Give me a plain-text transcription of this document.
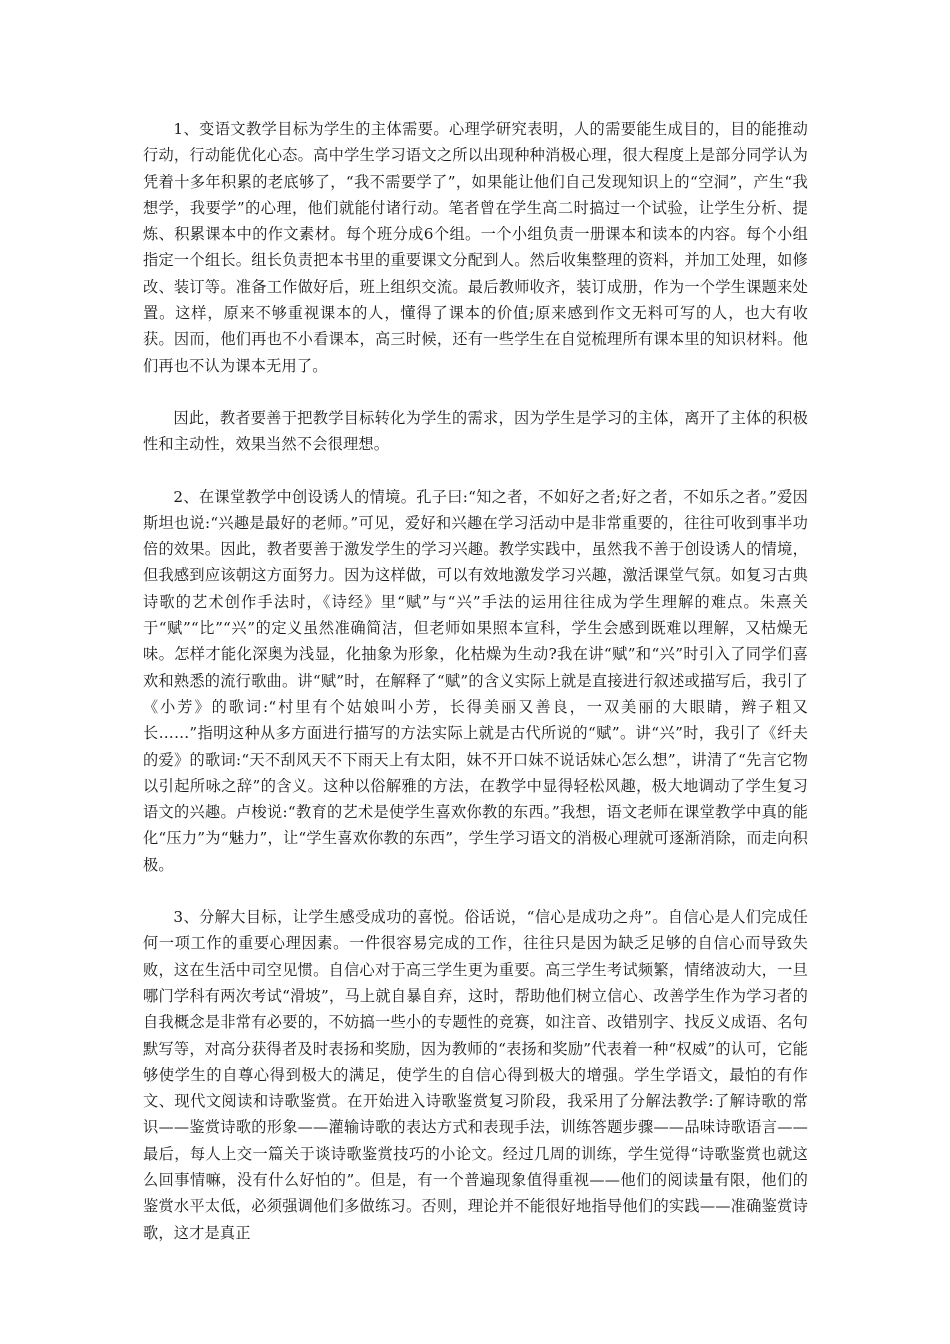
1、变语文教学目标为学生的主体需要。心理学研究表明，人的需要能生成目的，目的能推动行动，行动能优化心态。高中学生学习语文之所以出现种种消极心理，很大程度上是部分同学认为凭着十多年积累的老底够了，“我不需要学了”，如果能让他们自己发现知识上的“空洞”，产生“我想学，我要学”的心理，他们就能付诸行动。笔者曾在学生高二时搞过一个试验，让学生分析、提炼、积累课本中的作文素材。每个班分成6个组。一个小组负责一册课本和读本的内容。每个小组指定一个组长。组长负责把本书里的重要课文分配到人。然后收集整理的资料，并加工处理，如修改、装订等。准备工作做好后，班上组织交流。最后教师收齐，装订成册，作为一个学生课题来处置。这样，原来不够重视课本的人，懂得了课本的价值;原来感到作文无料可写的人，也大有收获。因而，他们再也不小看课本，高三时候，还有一些学生在自觉梳理所有课本里的知识材料。他们再也不认为课本无用了。

因此，教者要善于把教学目标转化为学生的需求，因为学生是学习的主体，离开了主体的积极性和主动性，效果当然不会很理想。

2、在课堂教学中创设诱人的情境。孔子曰:“知之者，不如好之者;好之者，不如乐之者。”爱因斯坦也说:“兴趣是最好的老师。”可见，爱好和兴趣在学习活动中是非常重要的，往往可收到事半功倍的效果。因此，教者要善于激发学生的学习兴趣。教学实践中，虽然我不善于创设诱人的情境，但我感到应该朝这方面努力。因为这样做，可以有效地激发学习兴趣，激活课堂气氛。如复习古典诗歌的艺术创作手法时，《诗经》里“赋”与“兴”手法的运用往往成为学生理解的难点。朱熹关于“赋”“比”“兴”的定义虽然准确简洁，但老师如果照本宣科，学生会感到既难以理解，又枯燥无味。怎样才能化深奥为浅显，化抽象为形象，化枯燥为生动?我在讲“赋”和“兴”时引入了同学们喜欢和熟悉的流行歌曲。讲“赋”时，在解释了“赋”的含义实际上就是直接进行叙述或描写后，我引了《小芳》的歌词:“村里有个姑娘叫小芳，长得美丽又善良，一双美丽的大眼睛，辫子粗又长……”指明这种从多方面进行描写的方法实际上就是古代所说的“赋”。讲“兴”时，我引了《纤夫的爱》的歌词:“天不刮风天不下雨天上有太阳，妹不开口妹不说话妹心怎么想”，讲清了“先言它物以引起所咏之辞”的含义。这种以俗解雅的方法，在教学中显得轻松风趣，极大地调动了学生复习语文的兴趣。卢梭说:“教育的艺术是使学生喜欢你教的东西。”我想，语文老师在课堂教学中真的能化“压力”为“魅力”，让“学生喜欢你教的东西”，学生学习语文的消极心理就可逐渐消除，而走向积极。

3、分解大目标，让学生感受成功的喜悦。俗话说，“信心是成功之舟”。自信心是人们完成任何一项工作的重要心理因素。一件很容易完成的工作，往往只是因为缺乏足够的自信心而导致失败，这在生活中司空见惯。自信心对于高三学生更为重要。高三学生考试频繁，情绪波动大，一旦哪门学科有两次考试“滑坡”，马上就自暴自弃，这时，帮助他们树立信心、改善学生作为学习者的自我概念是非常有必要的，不妨搞一些小的专题性的竞赛，如注音、改错别字、找反义成语、名句默写等，对高分获得者及时表扬和奖励，因为教师的“表扬和奖励”代表着一种“权威”的认可，它能够使学生的自尊心得到极大的满足，使学生的自信心得到极大的增强。学生学语文，最怕的有作文、现代文阅读和诗歌鉴赏。在开始进入诗歌鉴赏复习阶段，我采用了分解法教学:了解诗歌的常识——鉴赏诗歌的形象——灌输诗歌的表达方式和表现手法，训练答题步骤——品味诗歌语言——最后，每人上交一篇关于谈诗歌鉴赏技巧的小论文。经过几周的训练，学生觉得“诗歌鉴赏也就这么回事情嘛，没有什么好怕的”。但是，有一个普遍现象值得重视——他们的阅读量有限，他们的鉴赏水平太低，必须强调他们多做练习。否则，理论并不能很好地指导他们的实践——准确鉴赏诗歌，这才是真正
